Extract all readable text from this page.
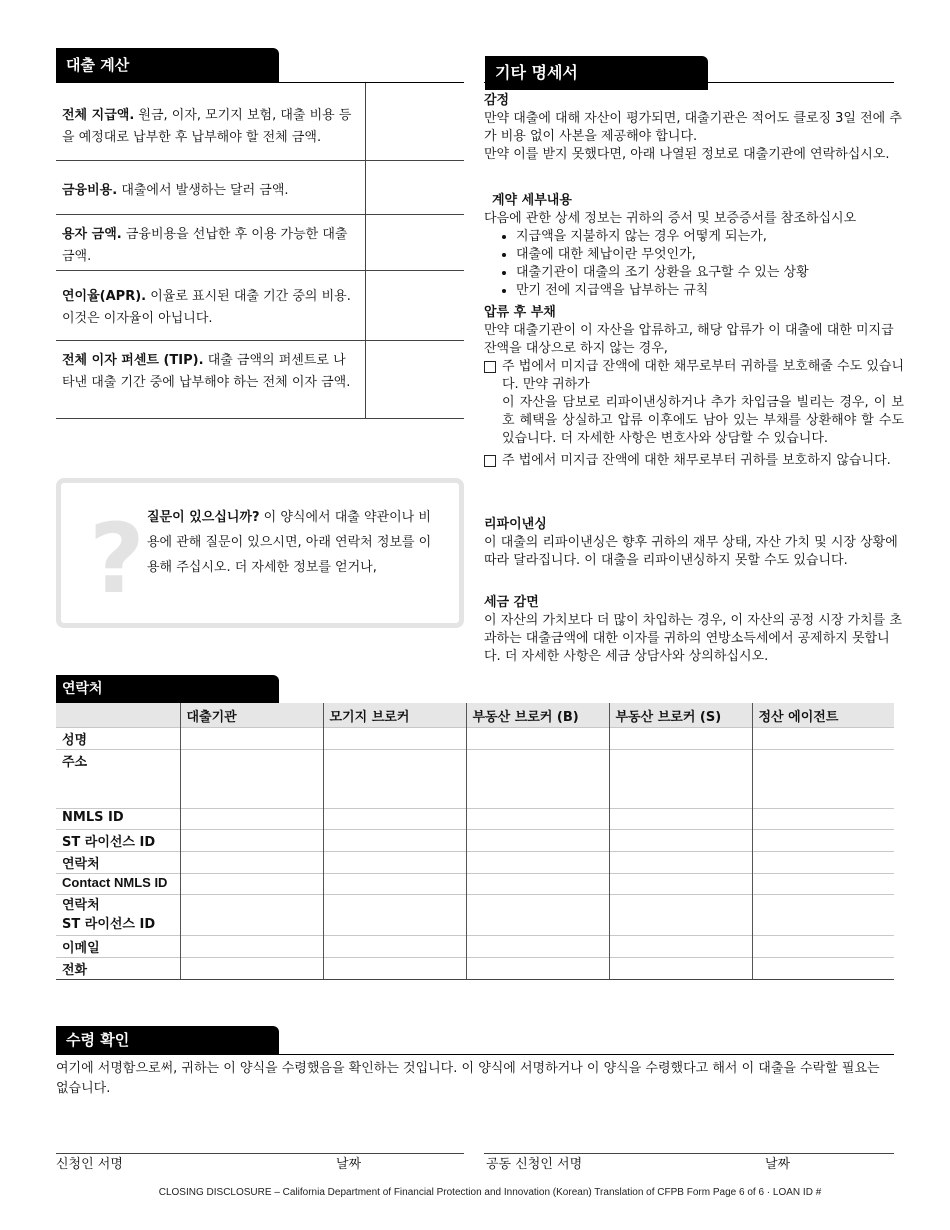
대출 계산
전체 지급액. 원금, 이자, 모기지 보험, 대출 비용 등을 예정대로 납부한 후 납부해야 할 전체 금액.
금융비용. 대출에서 발생하는 달러 금액.
용자 금액. 금융비용을 선납한 후 이용 가능한 대출 금액.
연이율(APR). 이율로 표시된 대출 기간 중의 비용. 이것은 이자율이 아닙니다.
전체 이자 퍼센트 (TIP). 대출 금액의 퍼센트로 나타낸 대출 기간 중에 납부해야 하는 전체 이자 금액.
? 질문이 있으십니까? 이 양식에서 대출 약관이나 비용에 관해 질문이 있으시면, 아래 연락처 정보를 이용해 주십시오. 더 자세한 정보를 얻거나,
기타 명세서
감정
만약 대출에 대해 자산이 평가되면, 대출기관은 적어도 클로징 3일 전에 추가 비용 없이 사본을 제공해야 합니다.
만약 이를 받지 못했다면, 아래 나열된 정보로 대출기관에 연락하십시오.
계약 세부내용
다음에 관한 상세 정보는 귀하의 증서 및 보증증서를 참조하십시오
• 지급액을 지불하지 않는 경우 어떻게 되는가,
• 대출에 대한 체납이란 무엇인가,
• 대출기관이 대출의 조기 상환을 요구할 수 있는 상황
• 만기 전에 지급액을 납부하는 규칙
압류 후 부채
만약 대출기관이 이 자산을 압류하고, 해당 압류가 이 대출에 대한 미지급 잔액을 대상으로 하지 않는 경우,
주 법에서 미지급 잔액에 대한 채무로부터 귀하를 보호해줄 수도 있습니다. 만약 귀하가
이 자산을 담보로 리파이낸싱하거나 추가 차입금을 빌리는 경우, 이 보호 혜택을 상실하고 압류 이후에도 남아 있는 부채를 상환해야 할 수도 있습니다. 더 자세한 사항은 변호사와 상담할 수 있습니다.
주 법에서 미지급 잔액에 대한 채무로부터 귀하를 보호하지 않습니다.
리파이낸싱
이 대출의 리파이낸싱은 향후 귀하의 재무 상태, 자산 가치 및 시장 상황에 따라 달라집니다. 이 대출을 리파이낸싱하지 못할 수도 있습니다.
세금 감면
이 자산의 가치보다 더 많이 차입하는 경우, 이 자산의 공정 시장 가치를 초과하는 대출금액에 대한 이자를 귀하의 연방소득세에서 공제하지 못합니다. 더 자세한 사항은 세금 상담사와 상의하십시오.
연락처
	대출기관	모기지 브로커	부동산 브로커 (B)	부동산 브로커 (S)	정산 에이전트
성명					
주소					
NMLS ID					
ST 라이선스 ID					
연락처					
Contact NMLS ID					
연락처
ST 라이선스 ID					
이메일					
전화					
수령 확인
여기에 서명함으로써, 귀하는 이 양식을 수령했음을 확인하는 것입니다. 이 양식에 서명하거나 이 양식을 수령했다고 해서 이 대출을 수락할 필요는 없습니다.
신청인 서명	날짜	공동 신청인 서명	날짜
CLOSING DISCLOSURE – California Department of Financial Protection and Innovation (Korean) Translation of CFPB Form Page 6 of 6 · LOAN ID #
